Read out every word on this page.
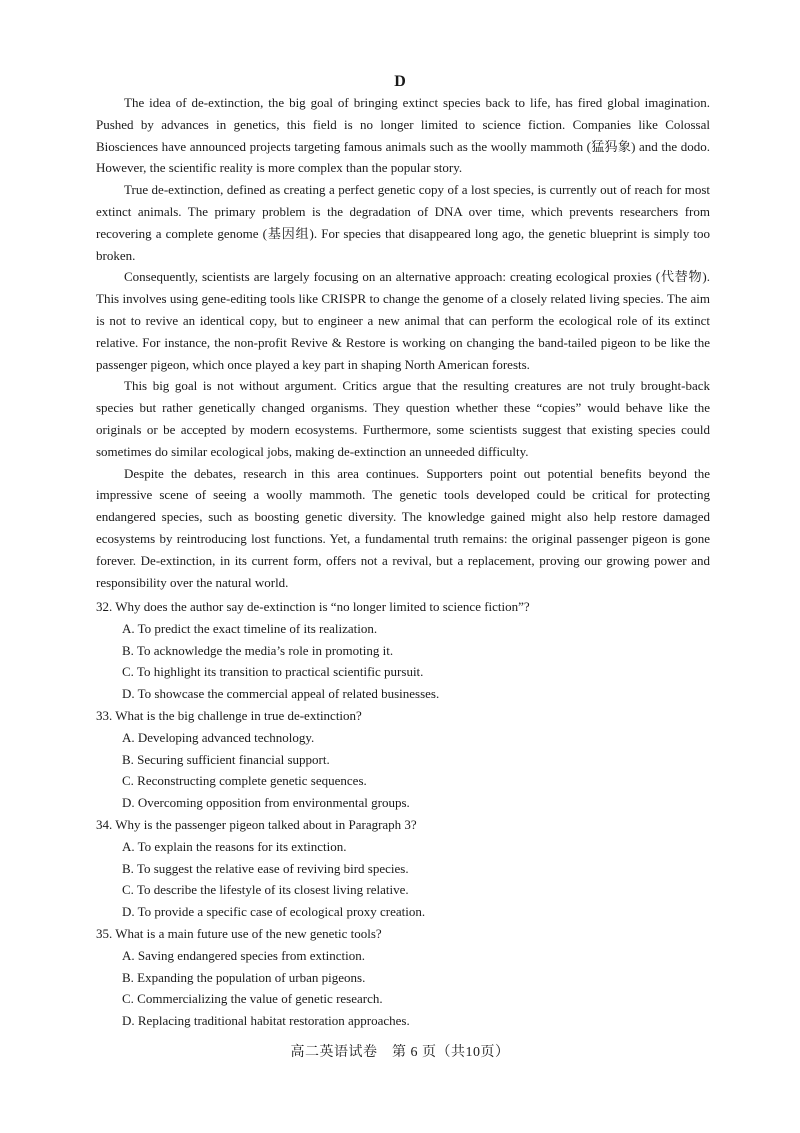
D

The idea of de-extinction, the big goal of bringing extinct species back to life, has fired global imagination. Pushed by advances in genetics, this field is no longer limited to science fiction. Companies like Colossal Biosciences have announced projects targeting famous animals such as the woolly mammoth (猛犸象) and the dodo. However, the scientific reality is more complex than the popular story.

True de-extinction, defined as creating a perfect genetic copy of a lost species, is currently out of reach for most extinct animals. The primary problem is the degradation of DNA over time, which prevents researchers from recovering a complete genome (基因组). For species that disappeared long ago, the genetic blueprint is simply too broken.

Consequently, scientists are largely focusing on an alternative approach: creating ecological proxies (代替物). This involves using gene-editing tools like CRISPR to change the genome of a closely related living species. The aim is not to revive an identical copy, but to engineer a new animal that can perform the ecological role of its extinct relative. For instance, the non-profit Revive & Restore is working on changing the band-tailed pigeon to be like the passenger pigeon, which once played a key part in shaping North American forests.

This big goal is not without argument. Critics argue that the resulting creatures are not truly brought-back species but rather genetically changed organisms. They question whether these “copies” would behave like the originals or be accepted by modern ecosystems. Furthermore, some scientists suggest that existing species could sometimes do similar ecological jobs, making de-extinction an unneeded difficulty.

Despite the debates, research in this area continues. Supporters point out potential benefits beyond the impressive scene of seeing a woolly mammoth. The genetic tools developed could be critical for protecting endangered species, such as boosting genetic diversity. The knowledge gained might also help restore damaged ecosystems by reintroducing lost functions. Yet, a fundamental truth remains: the original passenger pigeon is gone forever. De-extinction, in its current form, offers not a revival, but a replacement, proving our growing power and responsibility over the natural world.

32. Why does the author say de-extinction is “no longer limited to science fiction”?

A. To predict the exact timeline of its realization.

B. To acknowledge the media’s role in promoting it.

C. To highlight its transition to practical scientific pursuit.

D. To showcase the commercial appeal of related businesses.

33. What is the big challenge in true de-extinction?

A. Developing advanced technology.

B. Securing sufficient financial support.

C. Reconstructing complete genetic sequences.

D. Overcoming opposition from environmental groups.

34. Why is the passenger pigeon talked about in Paragraph 3?

A. To explain the reasons for its extinction.

B. To suggest the relative ease of reviving bird species.

C. To describe the lifestyle of its closest living relative.

D. To provide a specific case of ecological proxy creation.

35. What is a main future use of the new genetic tools?

A. Saving endangered species from extinction.

B. Expanding the population of urban pigeons.

C. Commercializing the value of genetic research.

D. Replacing traditional habitat restoration approaches.

高二英语试卷　第 6 页（共10页）
